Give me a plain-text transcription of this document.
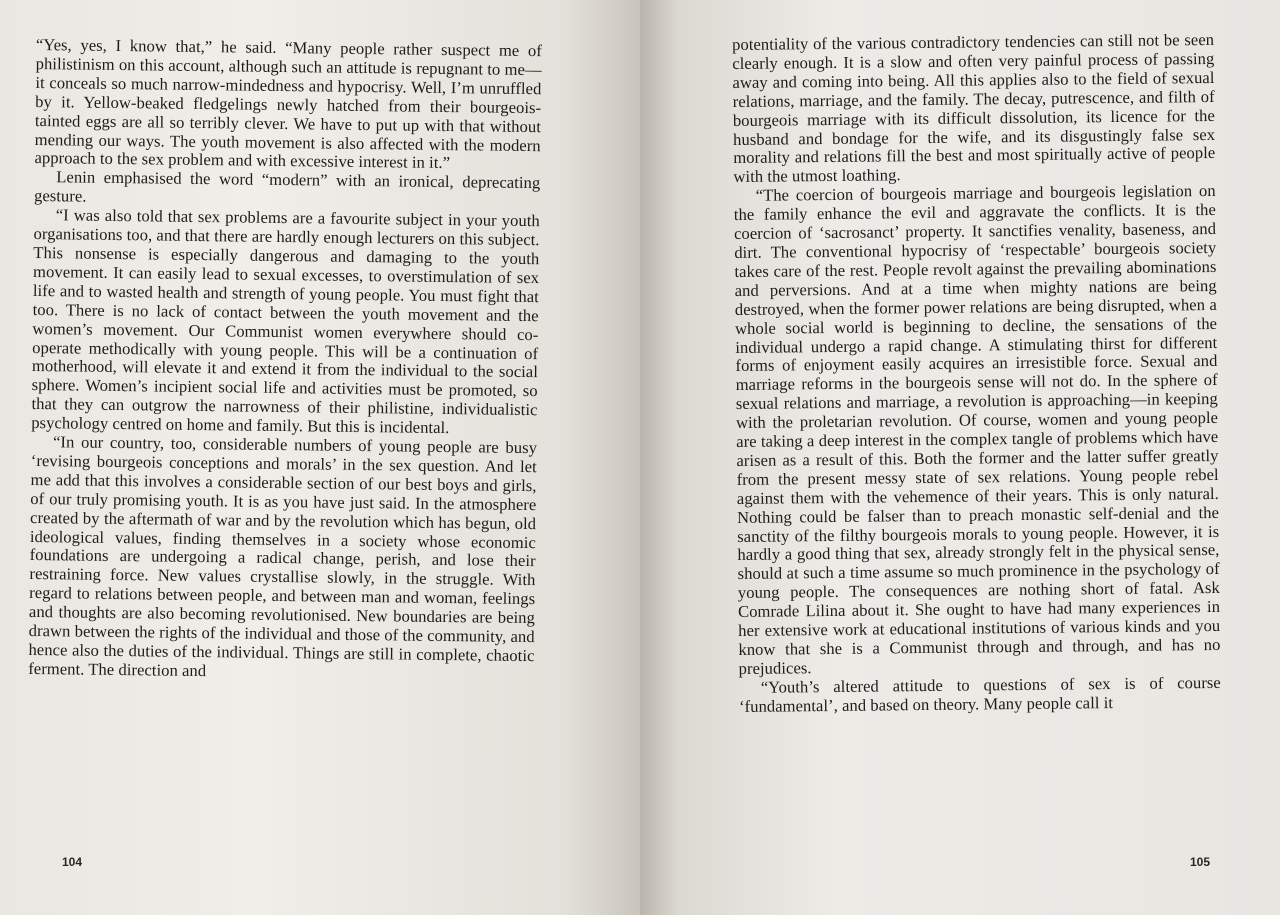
“Yes, yes, I know that,” he said. “Many people rather suspect me of philistinism on this account, although such an attitude is repugnant to me—it conceals so much narrow-mindedness and hypocrisy. Well, I’m unruffled by it. Yellow-beaked fledgelings newly hatched from their bourgeois-tainted eggs are all so terribly clever. We have to put up with that without mending our ways. The youth movement is also affected with the modern approach to the sex problem and with excessive interest in it.”

Lenin emphasised the word “modern” with an ironical, deprecating gesture.

“I was also told that sex problems are a favourite subject in your youth organisations too, and that there are hardly enough lecturers on this subject. This nonsense is especially dangerous and damaging to the youth movement. It can easily lead to sexual excesses, to overstimulation of sex life and to wasted health and strength of young people. You must fight that too. There is no lack of contact between the youth movement and the women’s movement. Our Communist women everywhere should co-operate methodically with young people. This will be a continuation of motherhood, will elevate it and extend it from the individual to the social sphere. Women’s incipient social life and activities must be promoted, so that they can outgrow the narrowness of their philistine, individualistic psychology centred on home and family. But this is incidental.

“In our country, too, considerable numbers of young people are busy ‘revising bourgeois conceptions and morals’ in the sex question. And let me add that this involves a considerable section of our best boys and girls, of our truly promising youth. It is as you have just said. In the atmosphere created by the aftermath of war and by the revolution which has begun, old ideological values, finding themselves in a society whose economic foundations are undergoing a radical change, perish, and lose their restraining force. New values crystallise slowly, in the struggle. With regard to relations between people, and between man and woman, feelings and thoughts are also becoming revolutionised. New boundaries are being drawn between the rights of the individual and those of the community, and hence also the duties of the individual. Things are still in complete, chaotic ferment. The direction and

104

potentiality of the various contradictory tendencies can still not be seen clearly enough. It is a slow and often very painful process of passing away and coming into being. All this applies also to the field of sexual relations, marriage, and the family. The decay, putrescence, and filth of bourgeois marriage with its difficult dissolution, its licence for the husband and bondage for the wife, and its disgustingly false sex morality and relations fill the best and most spiritually active of people with the utmost loathing.

“The coercion of bourgeois marriage and bourgeois legislation on the family enhance the evil and aggravate the conflicts. It is the coercion of ‘sacrosanct’ property. It sanctifies venality, baseness, and dirt. The conventional hypocrisy of ‘respectable’ bourgeois society takes care of the rest. People revolt against the prevailing abominations and perversions. And at a time when mighty nations are being destroyed, when the former power relations are being disrupted, when a whole social world is beginning to decline, the sensations of the individual undergo a rapid change. A stimulating thirst for different forms of enjoyment easily acquires an irresistible force. Sexual and marriage reforms in the bourgeois sense will not do. In the sphere of sexual relations and marriage, a revolution is approaching—in keeping with the proletarian revolution. Of course, women and young people are taking a deep interest in the complex tangle of problems which have arisen as a result of this. Both the former and the latter suffer greatly from the present messy state of sex relations. Young people rebel against them with the vehemence of their years. This is only natural. Nothing could be falser than to preach monastic self-denial and the sanctity of the filthy bourgeois morals to young people. However, it is hardly a good thing that sex, already strongly felt in the physical sense, should at such a time assume so much prominence in the psychology of young people. The consequences are nothing short of fatal. Ask Comrade Lilina about it. She ought to have had many experiences in her extensive work at educational institutions of various kinds and you know that she is a Communist through and through, and has no prejudices.

“Youth’s altered attitude to questions of sex is of course ‘fundamental’, and based on theory. Many people call it

105
